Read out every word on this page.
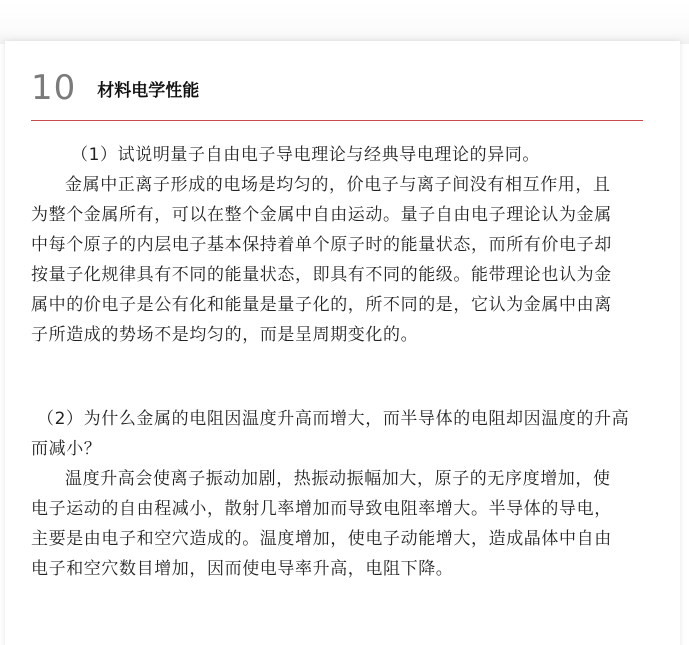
10 材料电学性能
（1）试说明量子自由电子导电理论与经典导电理论的异同。
金属中正离子形成的电场是均匀的，价电子与离子间没有相互作用，且
为整个金属所有，可以在整个金属中自由运动。量子自由电子理论认为金属
中每个原子的内层电子基本保持着单个原子时的能量状态，而所有价电子却
按量子化规律具有不同的能量状态，即具有不同的能级。能带理论也认为金
属中的价电子是公有化和能量是量子化的，所不同的是，它认为金属中由离
子所造成的势场不是均匀的，而是呈周期变化的。
（2）为什么金属的电阻因温度升高而增大，而半导体的电阻却因温度的升高
而减小？
温度升高会使离子振动加剧，热振动振幅加大，原子的无序度增加，使
电子运动的自由程减小，散射几率增加而导致电阻率增大。半导体的导电，
主要是由电子和空穴造成的。温度增加，使电子动能增大，造成晶体中自由
电子和空穴数目增加，因而使电导率升高，电阻下降。
